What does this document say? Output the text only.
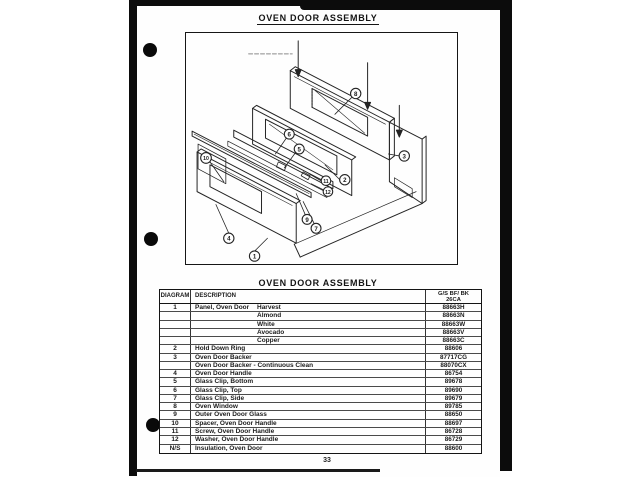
OVEN DOOR ASSEMBLY
1
2
3
4
5
6
7
8
9
10
11
12
OVEN DOOR ASSEMBLY
DIAGRAM DESCRIPTION	G/S BF/ BK
26CA
1	Panel, Oven Door Harvest	88663H
Almond	88663N
White	88663W
Avocado	88663V
Copper	88663C
2	Hold Down Ring	88606
3	Oven Door Backer	87717CG
Oven Door Backer - Continuous Clean	88070CX
4	Oven Door Handle	86754
5	Glass Clip, Bottom	89678
6	Glass Clip, Top	89690
7	Glass Clip, Side	89679
8	Oven Window	89785
9	Outer Oven Door Glass	88650
10	Spacer, Oven Door Handle	88697
11	Screw, Oven Door Handle	86728
12	Washer, Oven Door Handle	86729
N/S	Insulation, Oven Door	88600
33
